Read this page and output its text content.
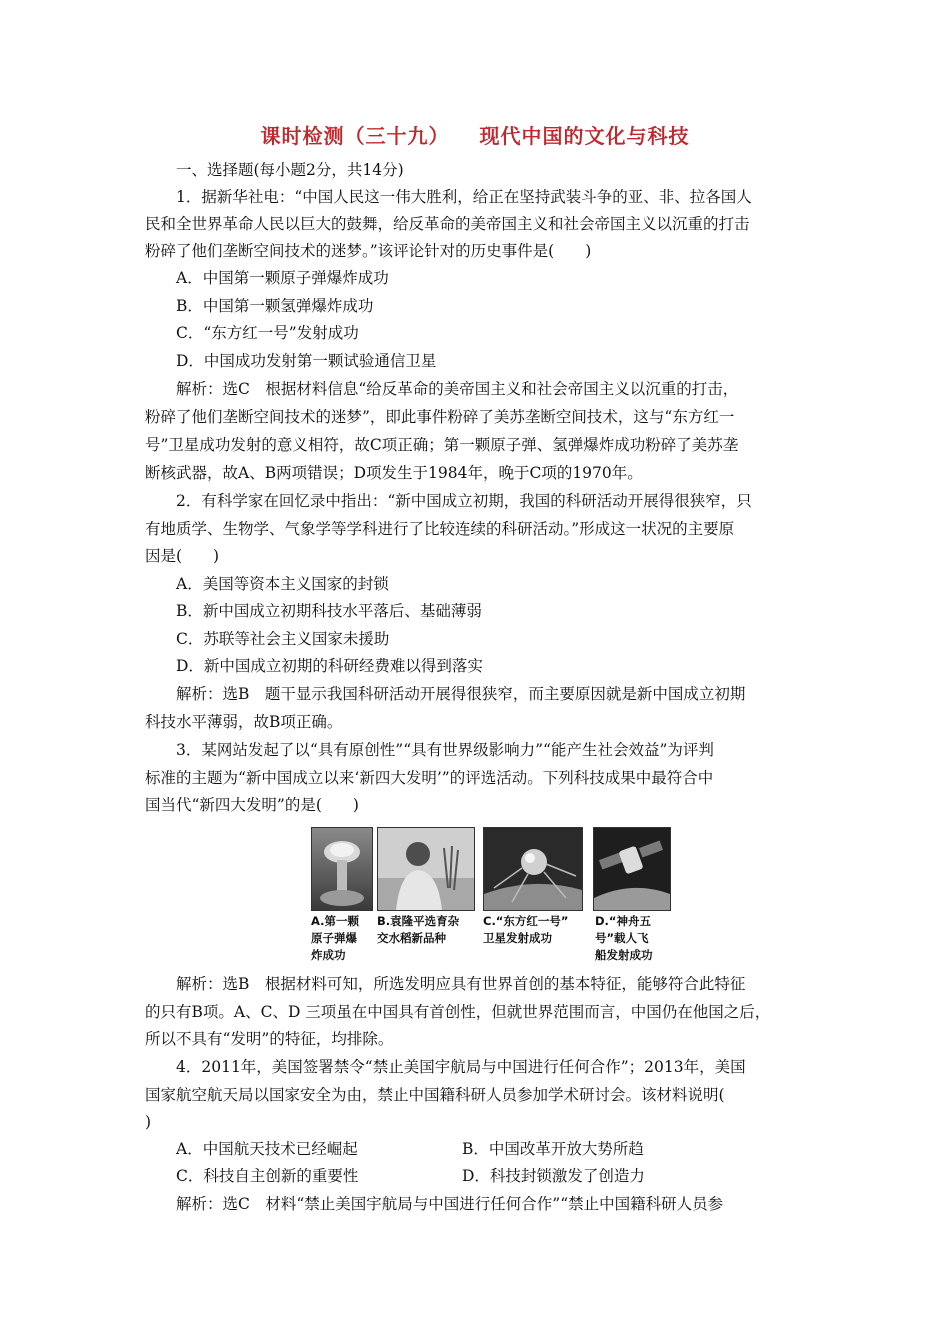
课时检测（三十九） 现代中国的文化与科技
一、选择题(每小题2分，共14分)
1．据新华社电：“中国人民这一伟大胜利，给正在坚持武装斗争的亚、非、拉各国人
民和全世界革命人民以巨大的鼓舞，给反革命的美帝国主义和社会帝国主义以沉重的打击
粉碎了他们垄断空间技术的迷梦。”该评论针对的历史事件是(　　)
A．中国第一颗原子弹爆炸成功
B．中国第一颗氢弹爆炸成功
C．“东方红一号”发射成功
D．中国成功发射第一颗试验通信卫星
解析：选C　根据材料信息“给反革命的美帝国主义和社会帝国主义以沉重的打击，
粉碎了他们垄断空间技术的迷梦”，即此事件粉碎了美苏垄断空间技术，这与“东方红一
号”卫星成功发射的意义相符，故C项正确；第一颗原子弹、氢弹爆炸成功粉碎了美苏垄
断核武器，故A、B两项错误；D项发生于1984年，晚于C项的1970年。
2．有科学家在回忆录中指出：“新中国成立初期，我国的科研活动开展得很狭窄，只
有地质学、生物学、气象学等学科进行了比较连续的科研活动。”形成这一状况的主要原
因是(　　)
A．美国等资本主义国家的封锁
B．新中国成立初期科技水平落后、基础薄弱
C．苏联等社会主义国家未援助
D．新中国成立初期的科研经费难以得到落实
解析：选B　题干显示我国科研活动开展得很狭窄，而主要原因就是新中国成立初期
科技水平薄弱，故B项正确。
3．某网站发起了以“具有原创性”“具有世界级影响力”“能产生社会效益”为评判
标准的主题为“新中国成立以来‘新四大发明’”的评选活动。下列科技成果中最符合中
国当代“新四大发明”的是(　　)
A.第一颗
原子弹爆
炸成功
B.袁隆平选育杂
交水稻新品种
C.“东方红一号”
卫星发射成功
D.“神舟五
号”载人飞
船发射成功
解析：选B　根据材料可知，所选发明应具有世界首创的基本特征，能够符合此特征
的只有B项。A、C、D 三项虽在中国具有首创性，但就世界范围而言，中国仍在他国之后，
所以不具有“发明”的特征，均排除。
4．2011年，美国签署禁令“禁止美国宇航局与中国进行任何合作”；2013年，美国
国家航空航天局以国家安全为由，禁止中国籍科研人员参加学术研讨会。该材料说明(
)
A．中国航天技术已经崛起	B．中国改革开放大势所趋
C．科技自主创新的重要性	D．科技封锁激发了创造力
解析：选C　材料“禁止美国宇航局与中国进行任何合作”“禁止中国籍科研人员参
